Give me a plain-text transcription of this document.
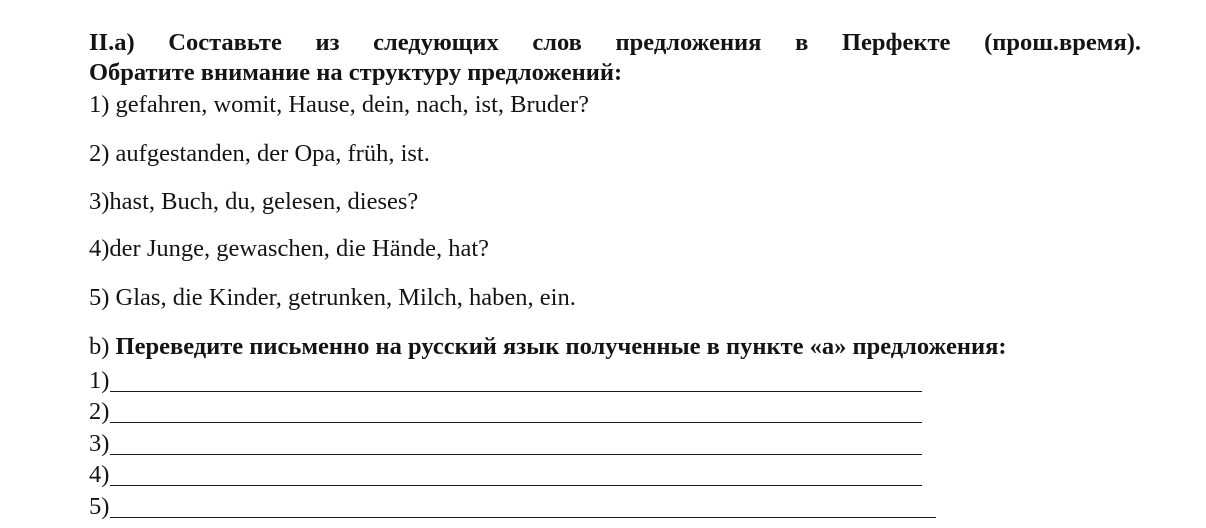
II.a) Составьте из следующих слов предложения в Перфекте (прош.время).
Обратите внимание на структуру предложений:
1) gefahren, womit, Hause, dein, nach, ist, Bruder?
2) aufgestanden, der Opa, früh, ist.
3)hast, Buch, du, gelesen, dieses?
4)der Junge, gewaschen, die Hände, hat?
5) Glas, die Kinder, getrunken, Milch, haben, ein.
b) Переведите письменно на русский язык полученные в пункте «а» предложения:
1)
2)
3)
4)
5)
